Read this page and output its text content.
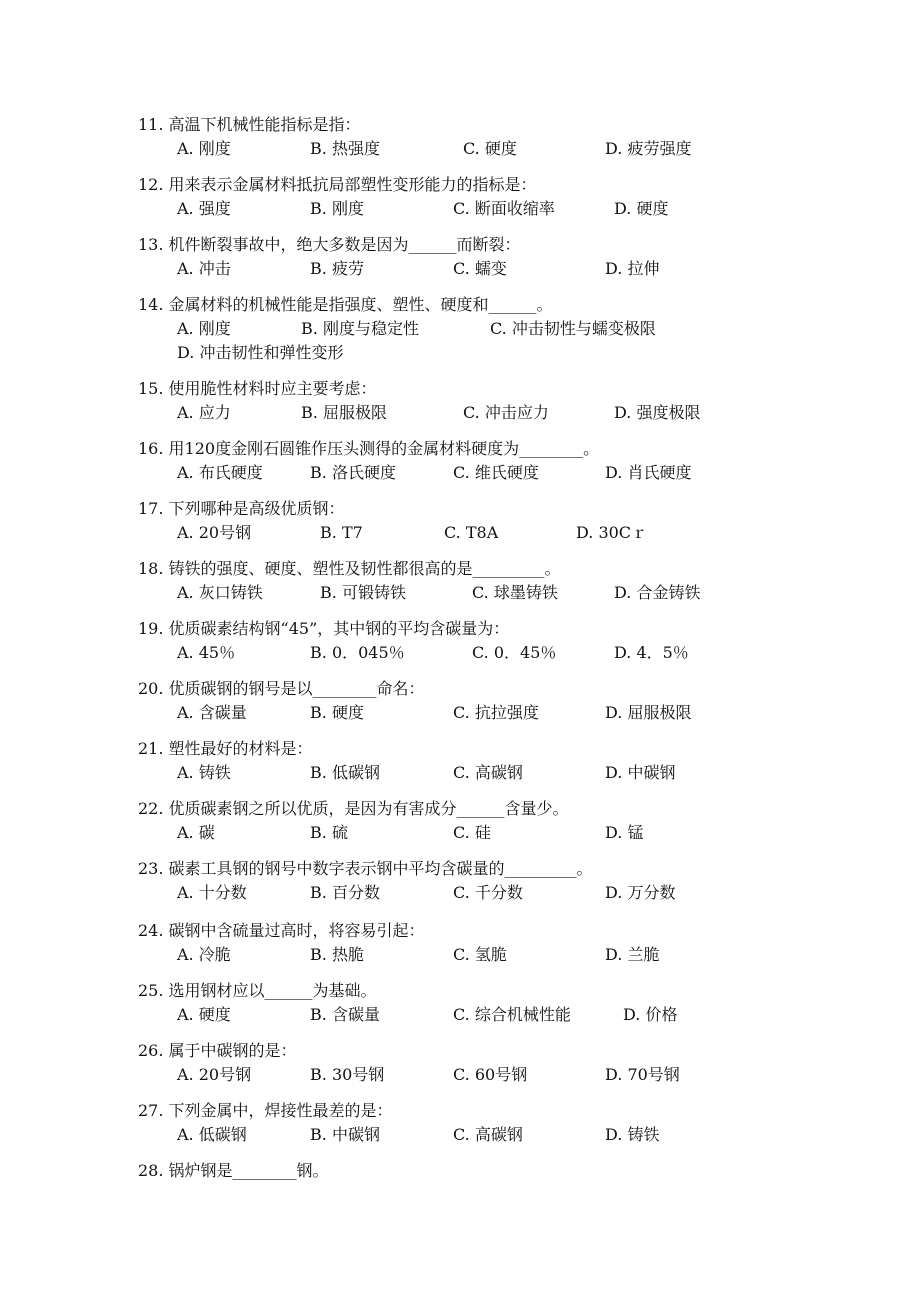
11. 高温下机械性能指标是指：
A. 刚度	B. 热强度	C. 硬度	D. 疲劳强度
12. 用来表示金属材料抵抗局部塑性变形能力的指标是：
A. 强度	B. 刚度	C. 断面收缩率	D. 硬度
13. 机件断裂事故中，绝大多数是因为______而断裂：
A. 冲击	B. 疲劳	C. 蠕变	D. 拉伸
14. 金属材料的机械性能是指强度、塑性、硬度和______。
A. 刚度	B. 刚度与稳定性	C. 冲击韧性与蠕变极限
D. 冲击韧性和弹性变形
15. 使用脆性材料时应主要考虑：
A. 应力	B. 屈服极限	C. 冲击应力	D. 强度极限
16. 用120度金刚石圆锥作压头测得的金属材料硬度为________。
A. 布氏硬度	B. 洛氏硬度	C. 维氏硬度	D. 肖氏硬度
17. 下列哪种是高级优质钢：
A. 20号钢	B. T7	C. T8A	D. 30Cｒ
18. 铸铁的强度、硬度、塑性及韧性都很高的是_________。
A. 灰口铸铁	B. 可锻铸铁	C. 球墨铸铁	D. 合金铸铁
19. 优质碳素结构钢“45”，其中钢的平均含碳量为：
A. 45％	B. 0．045％	C. 0．45％	D. 4．5％
20. 优质碳钢的钢号是以________命名：
A. 含碳量	B. 硬度	C. 抗拉强度	D. 屈服极限
21. 塑性最好的材料是：
A. 铸铁	B. 低碳钢	C. 高碳钢	D. 中碳钢
22. 优质碳素钢之所以优质，是因为有害成分______含量少。
A. 碳	B. 硫	C. 硅	D. 锰
23. 碳素工具钢的钢号中数字表示钢中平均含碳量的_________。
A. 十分数	B. 百分数	C. 千分数	D. 万分数
24. 碳钢中含硫量过高时，将容易引起：
A. 冷脆	B. 热脆	C. 氢脆	D. 兰脆
25. 选用钢材应以______为基础。
A. 硬度	B. 含碳量	C. 综合机械性能	D. 价格
26. 属于中碳钢的是：
A. 20号钢	B. 30号钢	C. 60号钢	D. 70号钢
27. 下列金属中，焊接性最差的是：
A. 低碳钢	B. 中碳钢	C. 高碳钢	D. 铸铁
28. 锅炉钢是________钢。
